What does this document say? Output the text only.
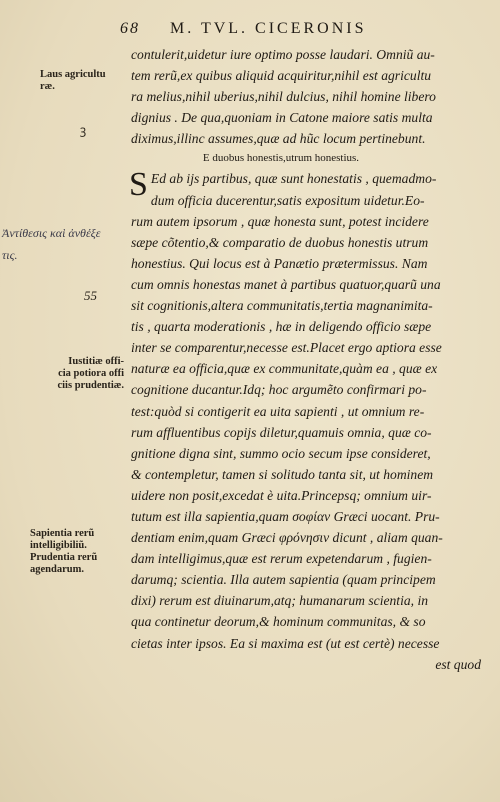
68 M. TVL. CICERONIS
Laus agricultu
ræ.
ꝫ
Ἀντίθεσις καὶ ἀνθέξε
τις.
55
Iustitiæ offi-
cia potiora offi
ciis prudentiæ.
Sapientia rerũ
intelligibiliũ.
Prudentia rerũ
agendarum.
contulerit,uidetur iure optimo posse laudari. Omniũ au-
tem rerũ,ex quibus aliquid acquiritur,nihil est agricultu
ra melius,nihil uberius,nihil dulcius, nihil homine libero
dignius . De qua,quoniam in Catone maiore satis multa
diximus,illinc assumes,quæ ad hũc locum pertinebunt.
E duobus honestis,utrum honestius.
S Ed ab ijs partibus, quæ sunt honestatis , quemadmo-
dum officia ducerentur,satis expositum uidetur.Eo-
rum autem ipsorum , quæ honesta sunt, potest incidere
sæpe cõtentio,& comparatio de duobus honestis utrum
honestius. Qui locus est à Panætio prætermissus. Nam
cum omnis honestas manet à partibus quatuor,quarũ una
sit cognitionis,altera communitatis,tertia magnanimita-
tis , quarta moderationis , hæ in deligendo officio sæpe
inter se comparentur,necesse est.Placet ergo aptiora esse
naturæ ea officia,quæ ex communitate,quàm ea , quæ ex
cognitione ducantur.Idq; hoc argumẽto confirmari po-
test:quòd si contigerit ea uita sapienti , ut omnium re-
rum affluentibus copijs diletur,quamuis omnia, quæ co-
gnitione digna sint, summo ocio secum ipse consideret,
& contempletur, tamen si solitudo tanta sit, ut hominem
uidere non posit,excedat è uita.Princepsq; omnium uir-
tutum est illa sapientia,quam σοφίαν Græci uocant. Pru-
dentiam enim,quam Græci φρόνησιν dicunt , aliam quan-
dam intelligimus,quæ est rerum expetendarum , fugien-
darumq; scientia. Illa autem sapientia (quam principem
dixi) rerum est diuinarum,atq; humanarum scientia, in
qua continetur deorum,& hominum communitas, & so
cietas inter ipsos. Ea si maxima est (ut est certè) necesse
est quod
